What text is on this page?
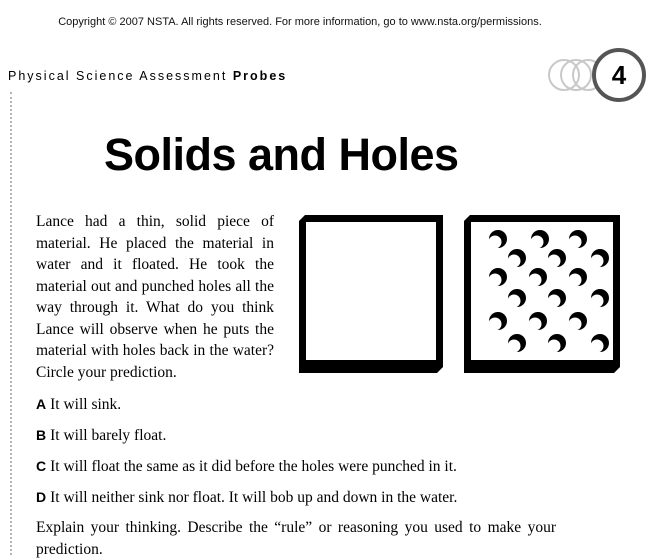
Copyright © 2007 NSTA. All rights reserved. For more information, go to www.nsta.org/permissions.
Physical Science Assessment Probes	4
Solids and Holes

Lance had a thin, solid piece of material. He placed the material in water and it floated. He took the material out and punched holes all the way through it. What do you think Lance will observe when he puts the material with holes back in the water? Circle your prediction.

A It will sink.

B It will barely float.

C It will float the same as it did before the holes were punched in it.

D It will neither sink nor float. It will bob up and down in the water.

Explain your thinking. Describe the “rule” or reasoning you used to make your prediction.
